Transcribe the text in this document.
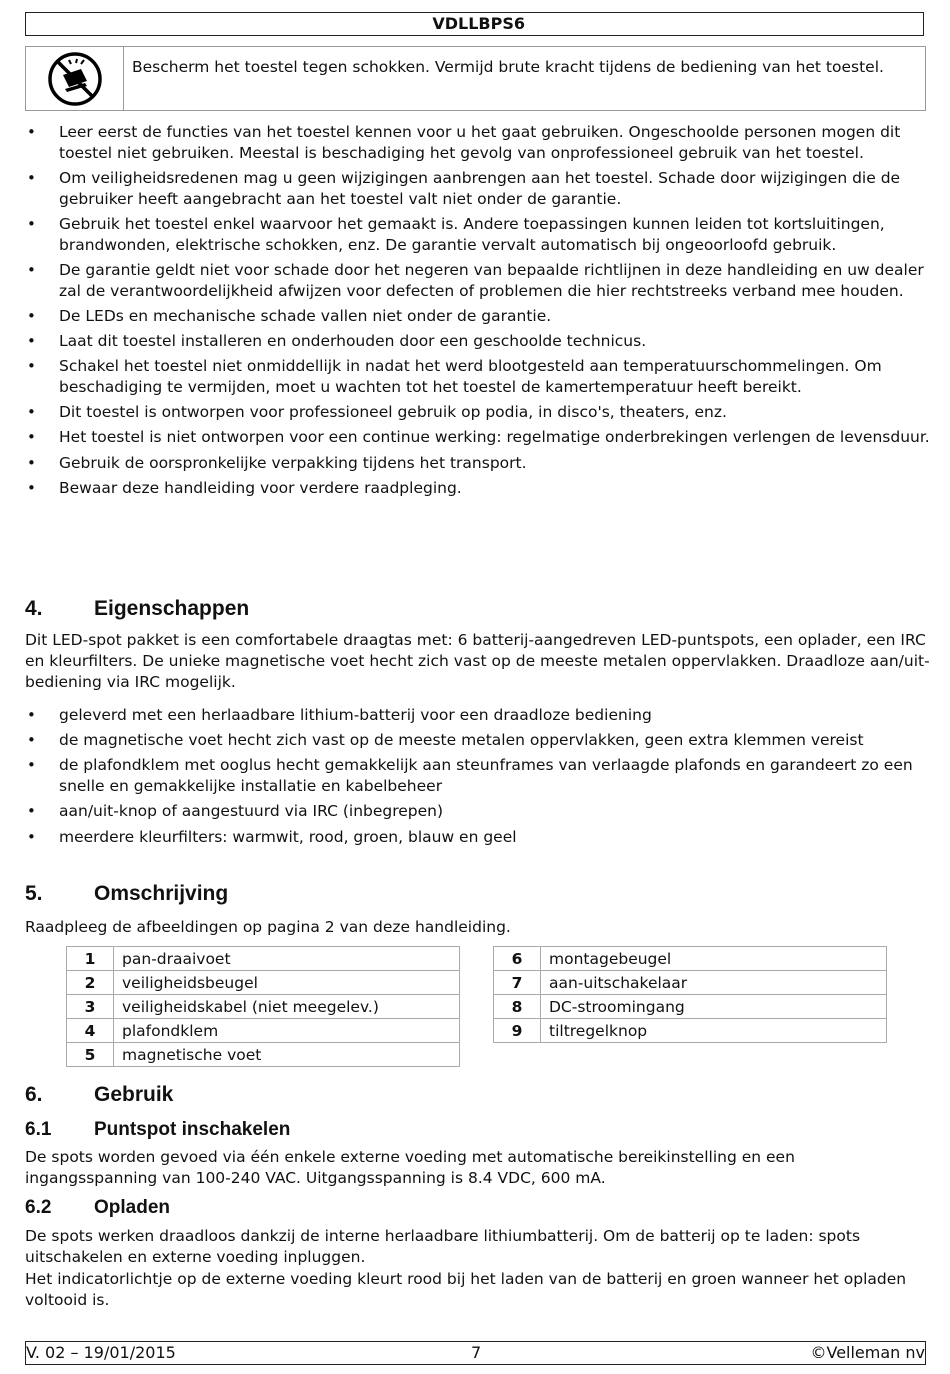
VDLLBPS6
Bescherm het toestel tegen schokken. Vermijd brute kracht tijdens de bediening van het toestel.
• Leer eerst de functies van het toestel kennen voor u het gaat gebruiken. Ongeschoolde personen mogen dit toestel niet gebruiken. Meestal is beschadiging het gevolg van onprofessioneel gebruik van het toestel.
• Om veiligheidsredenen mag u geen wijzigingen aanbrengen aan het toestel. Schade door wijzigingen die de gebruiker heeft aangebracht aan het toestel valt niet onder de garantie.
• Gebruik het toestel enkel waarvoor het gemaakt is. Andere toepassingen kunnen leiden tot kortsluitingen, brandwonden, elektrische schokken, enz. De garantie vervalt automatisch bij ongeoorloofd gebruik.
• De garantie geldt niet voor schade door het negeren van bepaalde richtlijnen in deze handleiding en uw dealer zal de verantwoordelijkheid afwijzen voor defecten of problemen die hier rechtstreeks verband mee houden.
• De LEDs en mechanische schade vallen niet onder de garantie.
• Laat dit toestel installeren en onderhouden door een geschoolde technicus.
• Schakel het toestel niet onmiddellijk in nadat het werd blootgesteld aan temperatuurschommelingen. Om beschadiging te vermijden, moet u wachten tot het toestel de kamertemperatuur heeft bereikt.
• Dit toestel is ontworpen voor professioneel gebruik op podia, in disco's, theaters, enz.
• Het toestel is niet ontworpen voor een continue werking: regelmatige onderbrekingen verlengen de levensduur.
• Gebruik de oorspronkelijke verpakking tijdens het transport.
• Bewaar deze handleiding voor verdere raadpleging.
4. Eigenschappen

Dit LED-spot pakket is een comfortabele draagtas met: 6 batterij-aangedreven LED-puntspots, een oplader, een IRC en kleurfilters. De unieke magnetische voet hecht zich vast op de meeste metalen oppervlakken. Draadloze aan/uit-bediening via IRC mogelijk.

• geleverd met een herlaadbare lithium-batterij voor een draadloze bediening
• de magnetische voet hecht zich vast op de meeste metalen oppervlakken, geen extra klemmen vereist
• de plafondklem met ooglus hecht gemakkelijk aan steunframes van verlaagde plafonds en garandeert zo een snelle en gemakkelijke installatie en kabelbeheer
• aan/uit-knop of aangestuurd via IRC (inbegrepen)
• meerdere kleurfilters: warmwit, rood, groen, blauw en geel
5. Omschrijving

Raadpleeg de afbeeldingen op pagina 2 van deze handleiding.

1	pan-draaivoet
2	veiligheidsbeugel
3	veiligheidskabel (niet meegelev.)
4	plafondklem
5	magnetische voet
6	montagebeugel
7	aan-uitschakelaar
8	DC-stroomingang
9	tiltregelknop
6. Gebruik
6.1 Puntspot inschakelen

De spots worden gevoed via één enkele externe voeding met automatische bereikinstelling en een ingangsspanning van 100-240 VAC. Uitgangsspanning is 8.4 VDC, 600 mA.

6.2 Opladen

De spots werken draadloos dankzij de interne herlaadbare lithiumbatterij. Om de batterij op te laden: spots uitschakelen en externe voeding inpluggen.

Het indicatorlichtje op de externe voeding kleurt rood bij het laden van de batterij en groen wanneer het opladen voltooid is.

V. 02 – 19/01/2015	7	©Velleman nv
